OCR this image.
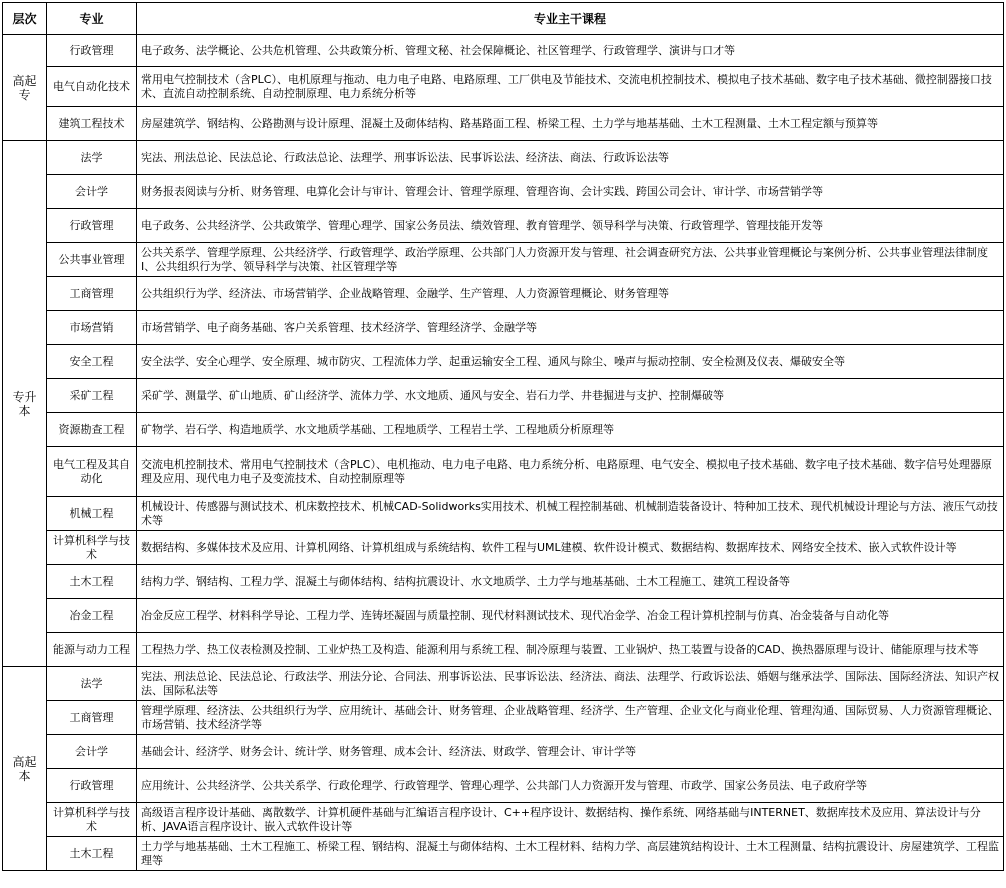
层次	专业	专业主干课程
高起专	行政管理	电子政务、法学概论、公共危机管理、公共政策分析、管理文秘、社会保障概论、社区管理学、行政管理学、演讲与口才等
	电气自动化技术	常用电气控制技术（含PLC）、电机原理与拖动、电力电子电路、电路原理、工厂供电及节能技术、交流电机控制技术、模拟电子技术基础、数字电子技术基础、微控制器接口技术、直流自动控制系统、自动控制原理、电力系统分析等
	建筑工程技术	房屋建筑学、钢结构、公路勘测与设计原理、混凝土及砌体结构、路基路面工程、桥梁工程、土力学与地基基础、土木工程测量、土木工程定额与预算等
专升本	法学	宪法、刑法总论、民法总论、行政法总论、法理学、刑事诉讼法、民事诉讼法、经济法、商法、行政诉讼法等
	会计学	财务报表阅读与分析、财务管理、电算化会计与审计、管理会计、管理学原理、管理咨询、会计实践、跨国公司会计、审计学、市场营销学等
	行政管理	电子政务、公共经济学、公共政策学、管理心理学、国家公务员法、绩效管理、教育管理学、领导科学与决策、行政管理学、管理技能开发等
	公共事业管理	公共关系学、管理学原理、公共经济学、行政管理学、政治学原理、公共部门人力资源开发与管理、社会调查研究方法、公共事业管理概论与案例分析、公共事业管理法律制度Ⅰ、公共组织行为学、领导科学与决策、社区管理学等
	工商管理	公共组织行为学、经济法、市场营销学、企业战略管理、金融学、生产管理、人力资源管理概论、财务管理等
	市场营销	市场营销学、电子商务基础、客户关系管理、技术经济学、管理经济学、金融学等
	安全工程	安全法学、安全心理学、安全原理、城市防灾、工程流体力学、起重运输安全工程、通风与除尘、噪声与振动控制、安全检测及仪表、爆破安全等
	采矿工程	采矿学、测量学、矿山地质、矿山经济学、流体力学、水文地质、通风与安全、岩石力学、井巷掘进与支护、控制爆破等
	资源勘查工程	矿物学、岩石学、构造地质学、水文地质学基础、工程地质学、工程岩土学、工程地质分析原理等
	电气工程及其自动化	交流电机控制技术、常用电气控制技术（含PLC）、电机拖动、电力电子电路、电力系统分析、电路原理、电气安全、模拟电子技术基础、数字电子技术基础、数字信号处理器原理及应用、现代电力电子及变流技术、自动控制原理等
	机械工程	机械设计、传感器与测试技术、机床数控技术、机械CAD-Solidworks实用技术、机械工程控制基础、机械制造装备设计、特种加工技术、现代机械设计理论与方法、液压气动技术等
	计算机科学与技术	数据结构、多媒体技术及应用、计算机网络、计算机组成与系统结构、软件工程与UML建模、软件设计模式、数据结构、数据库技术、网络安全技术、嵌入式软件设计等
	土木工程	结构力学、钢结构、工程力学、混凝土与砌体结构、结构抗震设计、水文地质学、土力学与地基基础、土木工程施工、建筑工程设备等
	冶金工程	冶金反应工程学、材料科学导论、工程力学、连铸坯凝固与质量控制、现代材料测试技术、现代冶金学、冶金工程计算机控制与仿真、冶金装备与自动化等
	能源与动力工程	工程热力学、热工仪表检测及控制、工业炉热工及构造、能源利用与系统工程、制冷原理与装置、工业锅炉、热工装置与设备的CAD、换热器原理与设计、储能原理与技术等
高起本	法学	宪法、刑法总论、民法总论、行政法学、刑法分论、合同法、刑事诉讼法、民事诉讼法、经济法、商法、法理学、行政诉讼法、婚姻与继承法学、国际法、国际经济法、知识产权法、国际私法等
	工商管理	管理学原理、经济法、公共组织行为学、应用统计、基础会计、财务管理、企业战略管理、经济学、生产管理、企业文化与商业伦理、管理沟通、国际贸易、人力资源管理概论、市场营销、技术经济学等
	会计学	基础会计、经济学、财务会计、统计学、财务管理、成本会计、经济法、财政学、管理会计、审计学等
	行政管理	应用统计、公共经济学、公共关系学、行政伦理学、行政管理学、管理心理学、公共部门人力资源开发与管理、市政学、国家公务员法、电子政府学等
	计算机科学与技术	高级语言程序设计基础、离散数学、计算机硬件基础与汇编语言程序设计、C++程序设计、数据结构、操作系统、网络基础与INTERNET、数据库技术及应用、算法设计与分析、JAVA语言程序设计、嵌入式软件设计等
	土木工程	土力学与地基基础、土木工程施工、桥梁工程、钢结构、混凝土与砌体结构、土木工程材料、结构力学、高层建筑结构设计、土木工程测量、结构抗震设计、房屋建筑学、工程监理等
